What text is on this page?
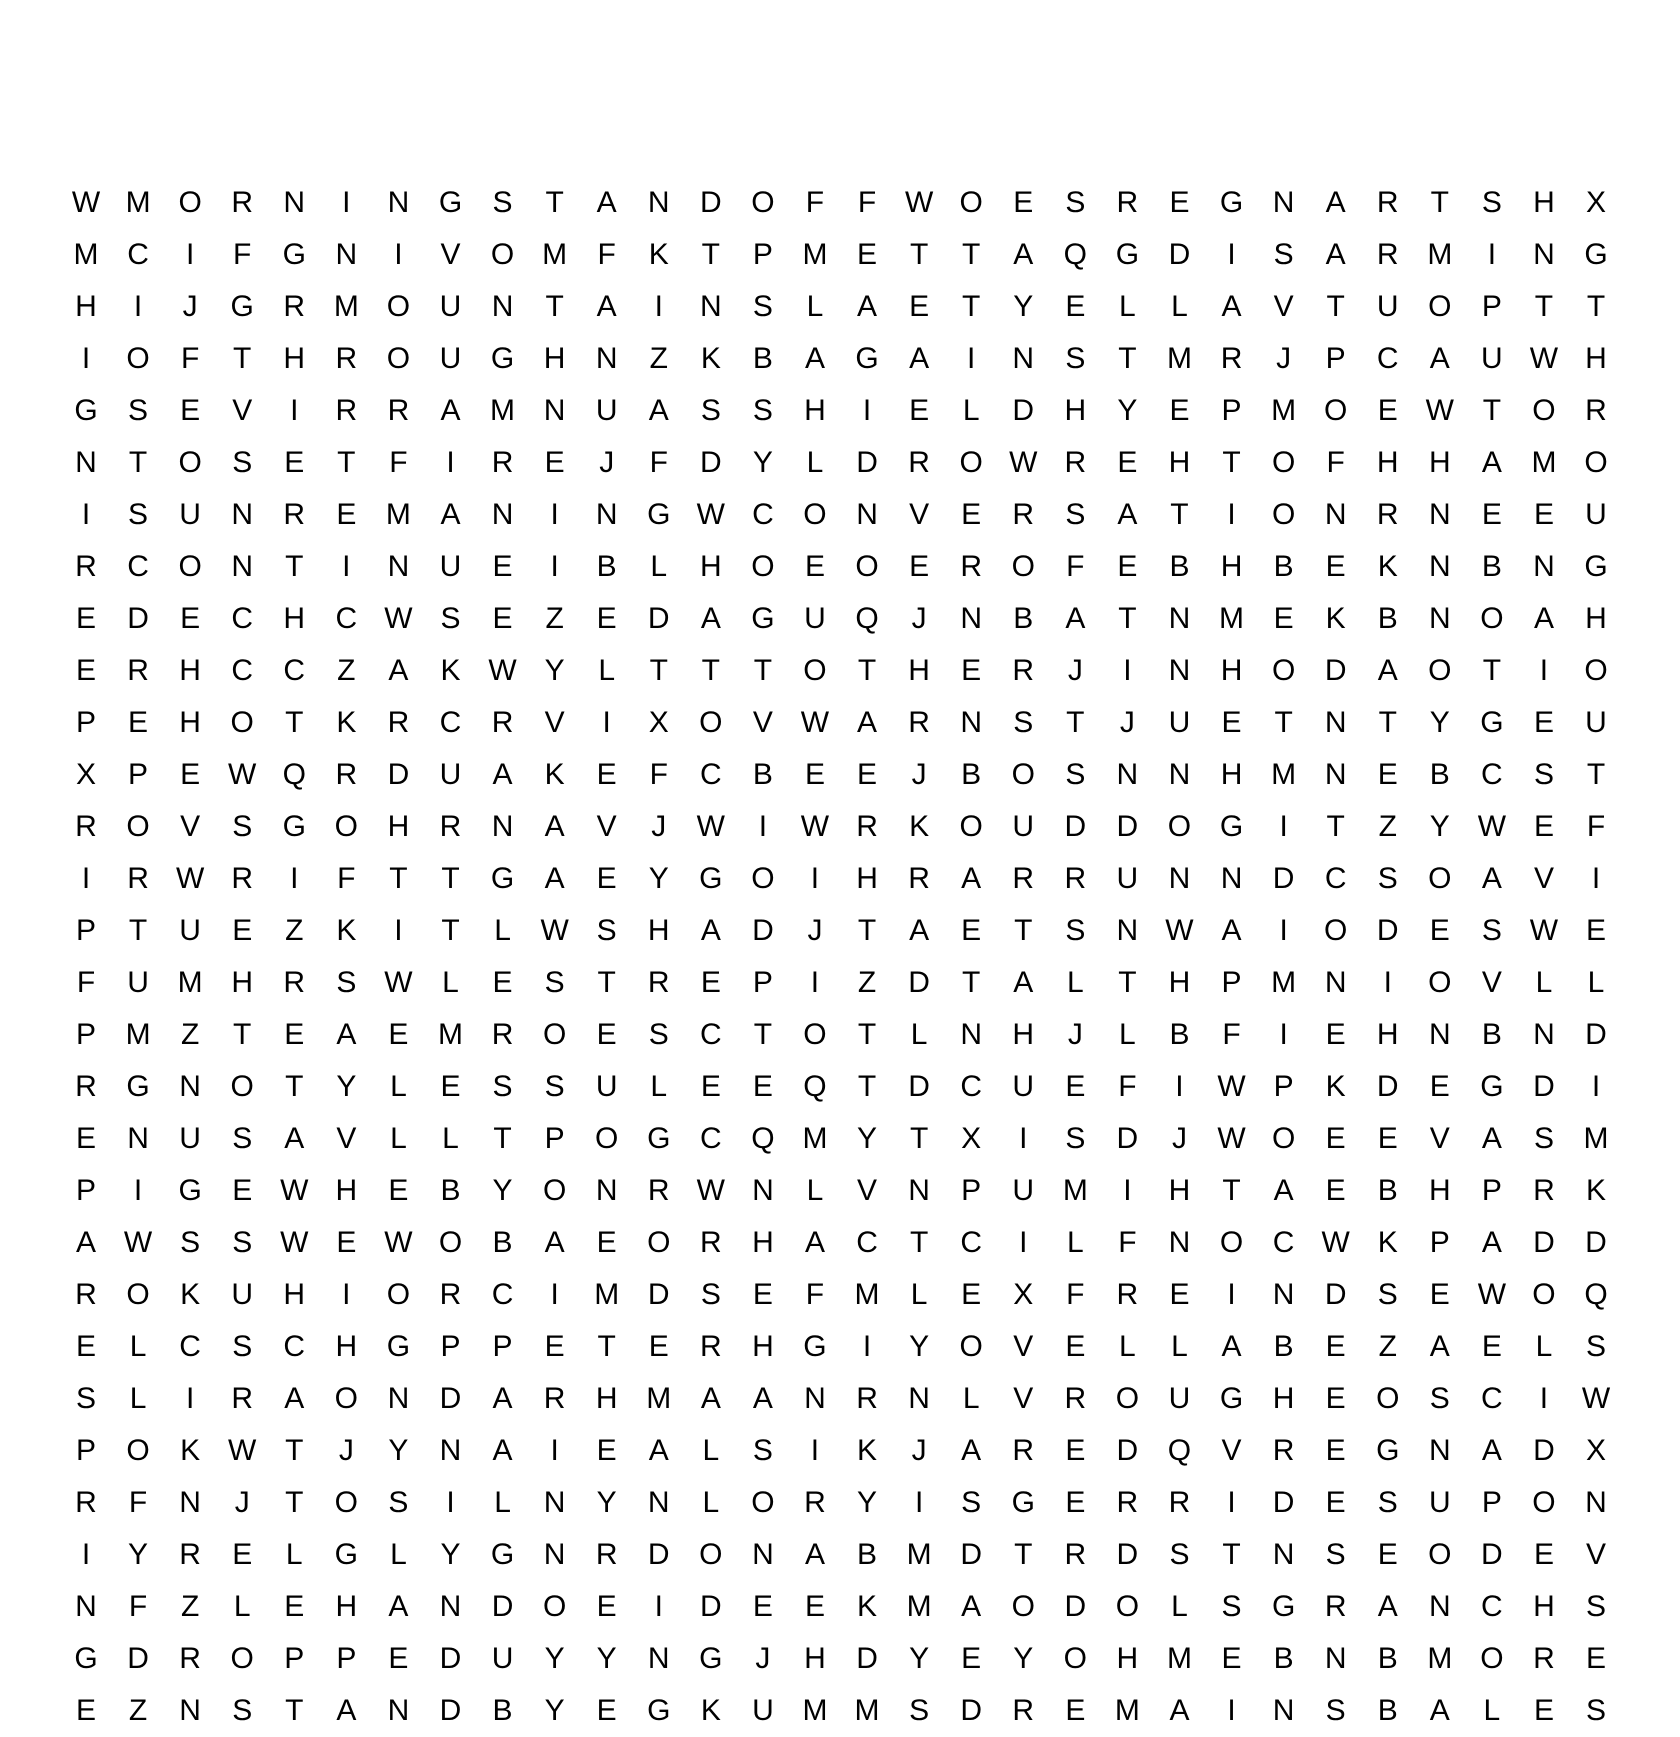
W M O R	N	I	N G	S	T	A	N	D O	F	F W O	E	S	R	E	G N	A	R	T	S	H	X
M C	I	F	G N	I	V	O M	F	K	T	P M E	T	T	A	Q G D	I	S	A	R M	I	N G
H	I	J	G R M O U	N	T	A	I	N	S	L	A	E	T	Y	E	L	L	A	V	T	U O	P	T	T
I	O	F	T	H	R O U G H	N	Z	K	B	A	G	A	I	N	S	T	M R	J	P	C	A	U W H
G	S	E	V	I	R	R	A M N	U	A	S	S	H	I	E	L	D	H	Y	E	P M O	E W T	O R
N	T	O	S	E	T	F	I	R	E	J	F	D	Y	L	D	R O W R	E	H	T	O	F	H	H	A M O
I	S	U	N	R	E M A	N	I	N G W C O N	V	E	R	S	A	T	I	O N	R	N	E	E	U
R	C O N	T	I	N	U	E	I	B	L	H O	E	O	E	R O	F	E	B	H	B	E	K	N	B	N G
E	D	E	C	H	C W S	E	Z	E	D	A	G U Q	J	N	B	A	T	N M E	K	B	N O	A	H
E	R	H	C	C	Z	A	K W Y	L	T	T	T	O	T	H	E	R	J	I	N	H O D	A	O	T	I	O
P	E	H O	T	K	R	C	R	V	I	X	O	V W A	R	N	S	T	J	U	E	T	N	T	Y	G	E	U
X	P	E W Q R	D	U	A	K	E	F	C	B	E	E	J	B	O	S	N	N	H M N	E	B	C	S	T
R O	V	S	G O H	R	N	A	V	J	W	I	W R	K	O U	D	D O G	I	T	Z	Y W E	F
I	R W R	I	F	T	T	G	A	E	Y	G O	I	H	R	A	R	R	U	N	N	D	C	S	O	A	V	I
P	T	U	E	Z	K	I	T	L W S	H	A	D	J	T	A	E	T	S	N W A	I	O D	E	S W E
F	U M H	R	S W L	E	S	T	R	E	P	I	Z	D	T	A	L	T	H	P M N	I	O	V	L	L
P M	Z	T	E	A	E M R O	E	S	C	T	O	T	L	N	H	J	L	B	F	I	E	H	N	B	N	D
R G N O	T	Y	L	E	S	S	U	L	E	E	Q	T	D	C	U	E	F	I	W P	K	D	E	G D	I
E	N	U	S	A	V	L	L	T	P	O G C Q M Y	T	X	I	S	D	J	W O	E	E	V	A	S M
P	I	G	E W H	E	B	Y	O N	R W N	L	V	N	P	U M	I	H	T	A	E	B	H	P	R	K
A W S	S W E W O	B	A	E	O R	H	A	C	T	C	I	L	F	N O C W K	P	A	D	D
R O	K	U	H	I	O R	C	I	M D	S	E	F	M	L	E	X	F	R	E	I	N	D	S	E W O Q
E	L	C	S	C	H G	P	P	E	T	E	R	H G	I	Y	O	V	E	L	L	A	B	E	Z	A	E	L	S
S	L	I	R	A	O N	D	A	R	H M A	A	N	R	N	L	V	R O U G H	E	O	S	C	I	W
P	O	K W T	J	Y	N	A	I	E	A	L	S	I	K	J	A	R	E	D Q	V	R	E	G N	A	D	X
R	F	N	J	T	O	S	I	L	N	Y	N	L	O R	Y	I	S	G	E	R	R	I	D	E	S	U	P	O N
I	Y	R	E	L	G	L	Y	G N	R	D O N	A	B M D	T	R	D	S	T	N	S	E	O D	E	V
N	F	Z	L	E	H	A	N	D O	E	I	D	E	E	K M A	O D O	L	S	G R	A	N	C	H	S
G D	R O	P	P	E	D	U	Y	Y	N G	J	H	D	Y	E	Y	O H M E	B	N	B M O R	E
E	Z	N	S	T	A	N	D	B	Y	E	G	K	U M M S	D	R	E M A	I	N	S	B	A	L	E	S
